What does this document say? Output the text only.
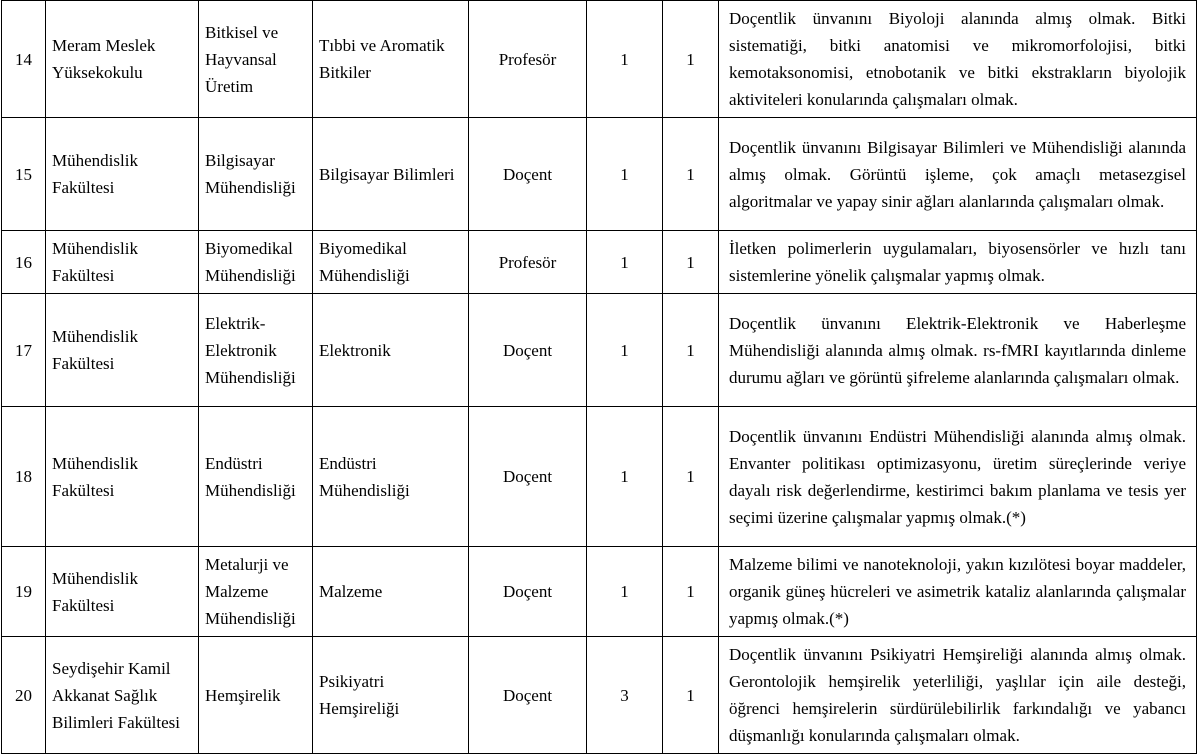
14	Meram Meslek Yüksekokulu	Bitkisel ve Hayvansal Üretim	Tıbbi ve Aromatik Bitkiler	Profesör	1	1	Doçentlik ünvanını Biyoloji alanında almış olmak. Bitki sistematiği, bitki anatomisi ve mikromorfolojisi, bitki kemotaksonomisi, etnobotanik ve bitki ekstrakların biyolojik aktiviteleri konularında çalışmaları olmak.
15	Mühendislik Fakültesi	Bilgisayar Mühendisliği	Bilgisayar Bilimleri	Doçent	1	1	Doçentlik ünvanını Bilgisayar Bilimleri ve Mühendisliği alanında almış olmak. Görüntü işleme, çok amaçlı metasezgisel algoritmalar ve yapay sinir ağları alanlarında çalışmaları olmak.
16	Mühendislik Fakültesi	Biyomedikal Mühendisliği	Biyomedikal Mühendisliği	Profesör	1	1	İletken polimerlerin uygulamaları, biyosensörler ve hızlı tanı sistemlerine yönelik çalışmalar yapmış olmak.
17	Mühendislik Fakültesi	Elektrik-Elektronik Mühendisliği	Elektronik	Doçent	1	1	Doçentlik ünvanını Elektrik-Elektronik ve Haberleşme Mühendisliği alanında almış olmak. rs-fMRI kayıtlarında dinleme durumu ağları ve görüntü şifreleme alanlarında çalışmaları olmak.
18	Mühendislik Fakültesi	Endüstri Mühendisliği	Endüstri Mühendisliği	Doçent	1	1	Doçentlik ünvanını Endüstri Mühendisliği alanında almış olmak. Envanter politikası optimizasyonu, üretim süreçlerinde veriye dayalı risk değerlendirme, kestirimci bakım planlama ve tesis yer seçimi üzerine çalışmalar yapmış olmak.(*)
19	Mühendislik Fakültesi	Metalurji ve Malzeme Mühendisliği	Malzeme	Doçent	1	1	Malzeme bilimi ve nanoteknoloji, yakın kızılötesi boyar maddeler, organik güneş hücreleri ve asimetrik kataliz alanlarında çalışmalar yapmış olmak.(*)
20	Seydişehir Kamil Akkanat Sağlık Bilimleri Fakültesi	Hemşirelik	Psikiyatri Hemşireliği	Doçent	3	1	Doçentlik ünvanını Psikiyatri Hemşireliği alanında almış olmak. Gerontolojik hemşirelik yeterliliği, yaşlılar için aile desteği, öğrenci hemşirelerin sürdürülebilirlik farkındalığı ve yabancı düşmanlığı konularında çalışmaları olmak.
